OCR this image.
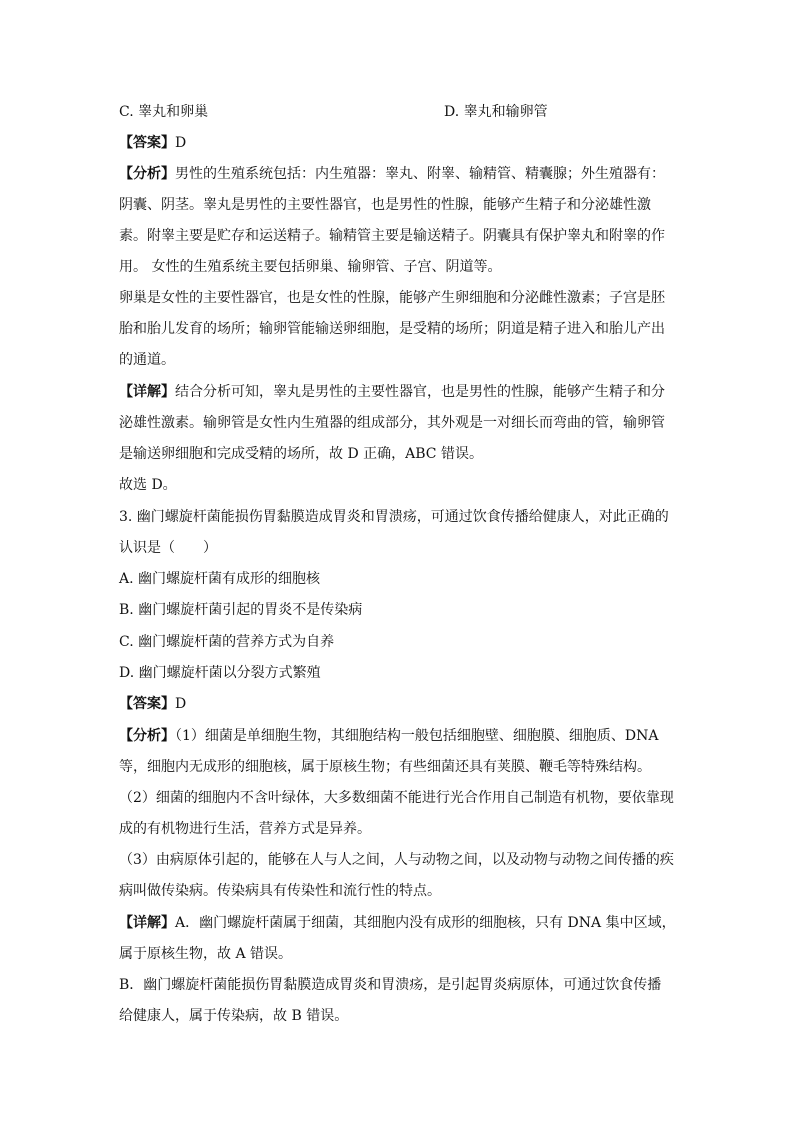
C. 睾丸和卵巢	D. 睾丸和输卵管
【答案】D
【分析】男性的生殖系统包括：内生殖器：睾丸、附睾、输精管、精囊腺；外生殖器有：
阴囊、阴茎。睾丸是男性的主要性器官，也是男性的性腺，能够产生精子和分泌雄性激
素。附睾主要是贮存和运送精子。输精管主要是输送精子。阴囊具有保护睾丸和附睾的作
用。 女性的生殖系统主要包括卵巢、输卵管、子宫、阴道等。
卵巢是女性的主要性器官，也是女性的性腺，能够产生卵细胞和分泌雌性激素；子宫是胚
胎和胎儿发育的场所；输卵管能输送卵细胞，是受精的场所；阴道是精子进入和胎儿产出
的通道。
【详解】结合分析可知，睾丸是男性的主要性器官，也是男性的性腺，能够产生精子和分
泌雄性激素。输卵管是女性内生殖器的组成部分，其外观是一对细长而弯曲的管，输卵管
是输送卵细胞和完成受精的场所，故 D 正确，ABC 错误。
故选 D。
3. 幽门螺旋杆菌能损伤胃黏膜造成胃炎和胃溃疡，可通过饮食传播给健康人，对此正确的
认识是（　　）
A. 幽门螺旋杆菌有成形的细胞核
B. 幽门螺旋杆菌引起的胃炎不是传染病
C. 幽门螺旋杆菌的营养方式为自养
D. 幽门螺旋杆菌以分裂方式繁殖
【答案】D
【分析】（1）细菌是单细胞生物，其细胞结构一般包括细胞壁、细胞膜、细胞质、DNA
等，细胞内无成形的细胞核，属于原核生物；有些细菌还具有荚膜、鞭毛等特殊结构。
（2）细菌的细胞内不含叶绿体，大多数细菌不能进行光合作用自己制造有机物，要依靠现
成的有机物进行生活，营养方式是异养。
（3）由病原体引起的，能够在人与人之间，人与动物之间，以及动物与动物之间传播的疾
病叫做传染病。传染病具有传染性和流行性的特点。
【详解】A．幽门螺旋杆菌属于细菌，其细胞内没有成形的细胞核，只有 DNA 集中区域，
属于原核生物，故 A 错误。
B．幽门螺旋杆菌能损伤胃黏膜造成胃炎和胃溃疡，是引起胃炎病原体，可通过饮食传播
给健康人，属于传染病，故 B 错误。
